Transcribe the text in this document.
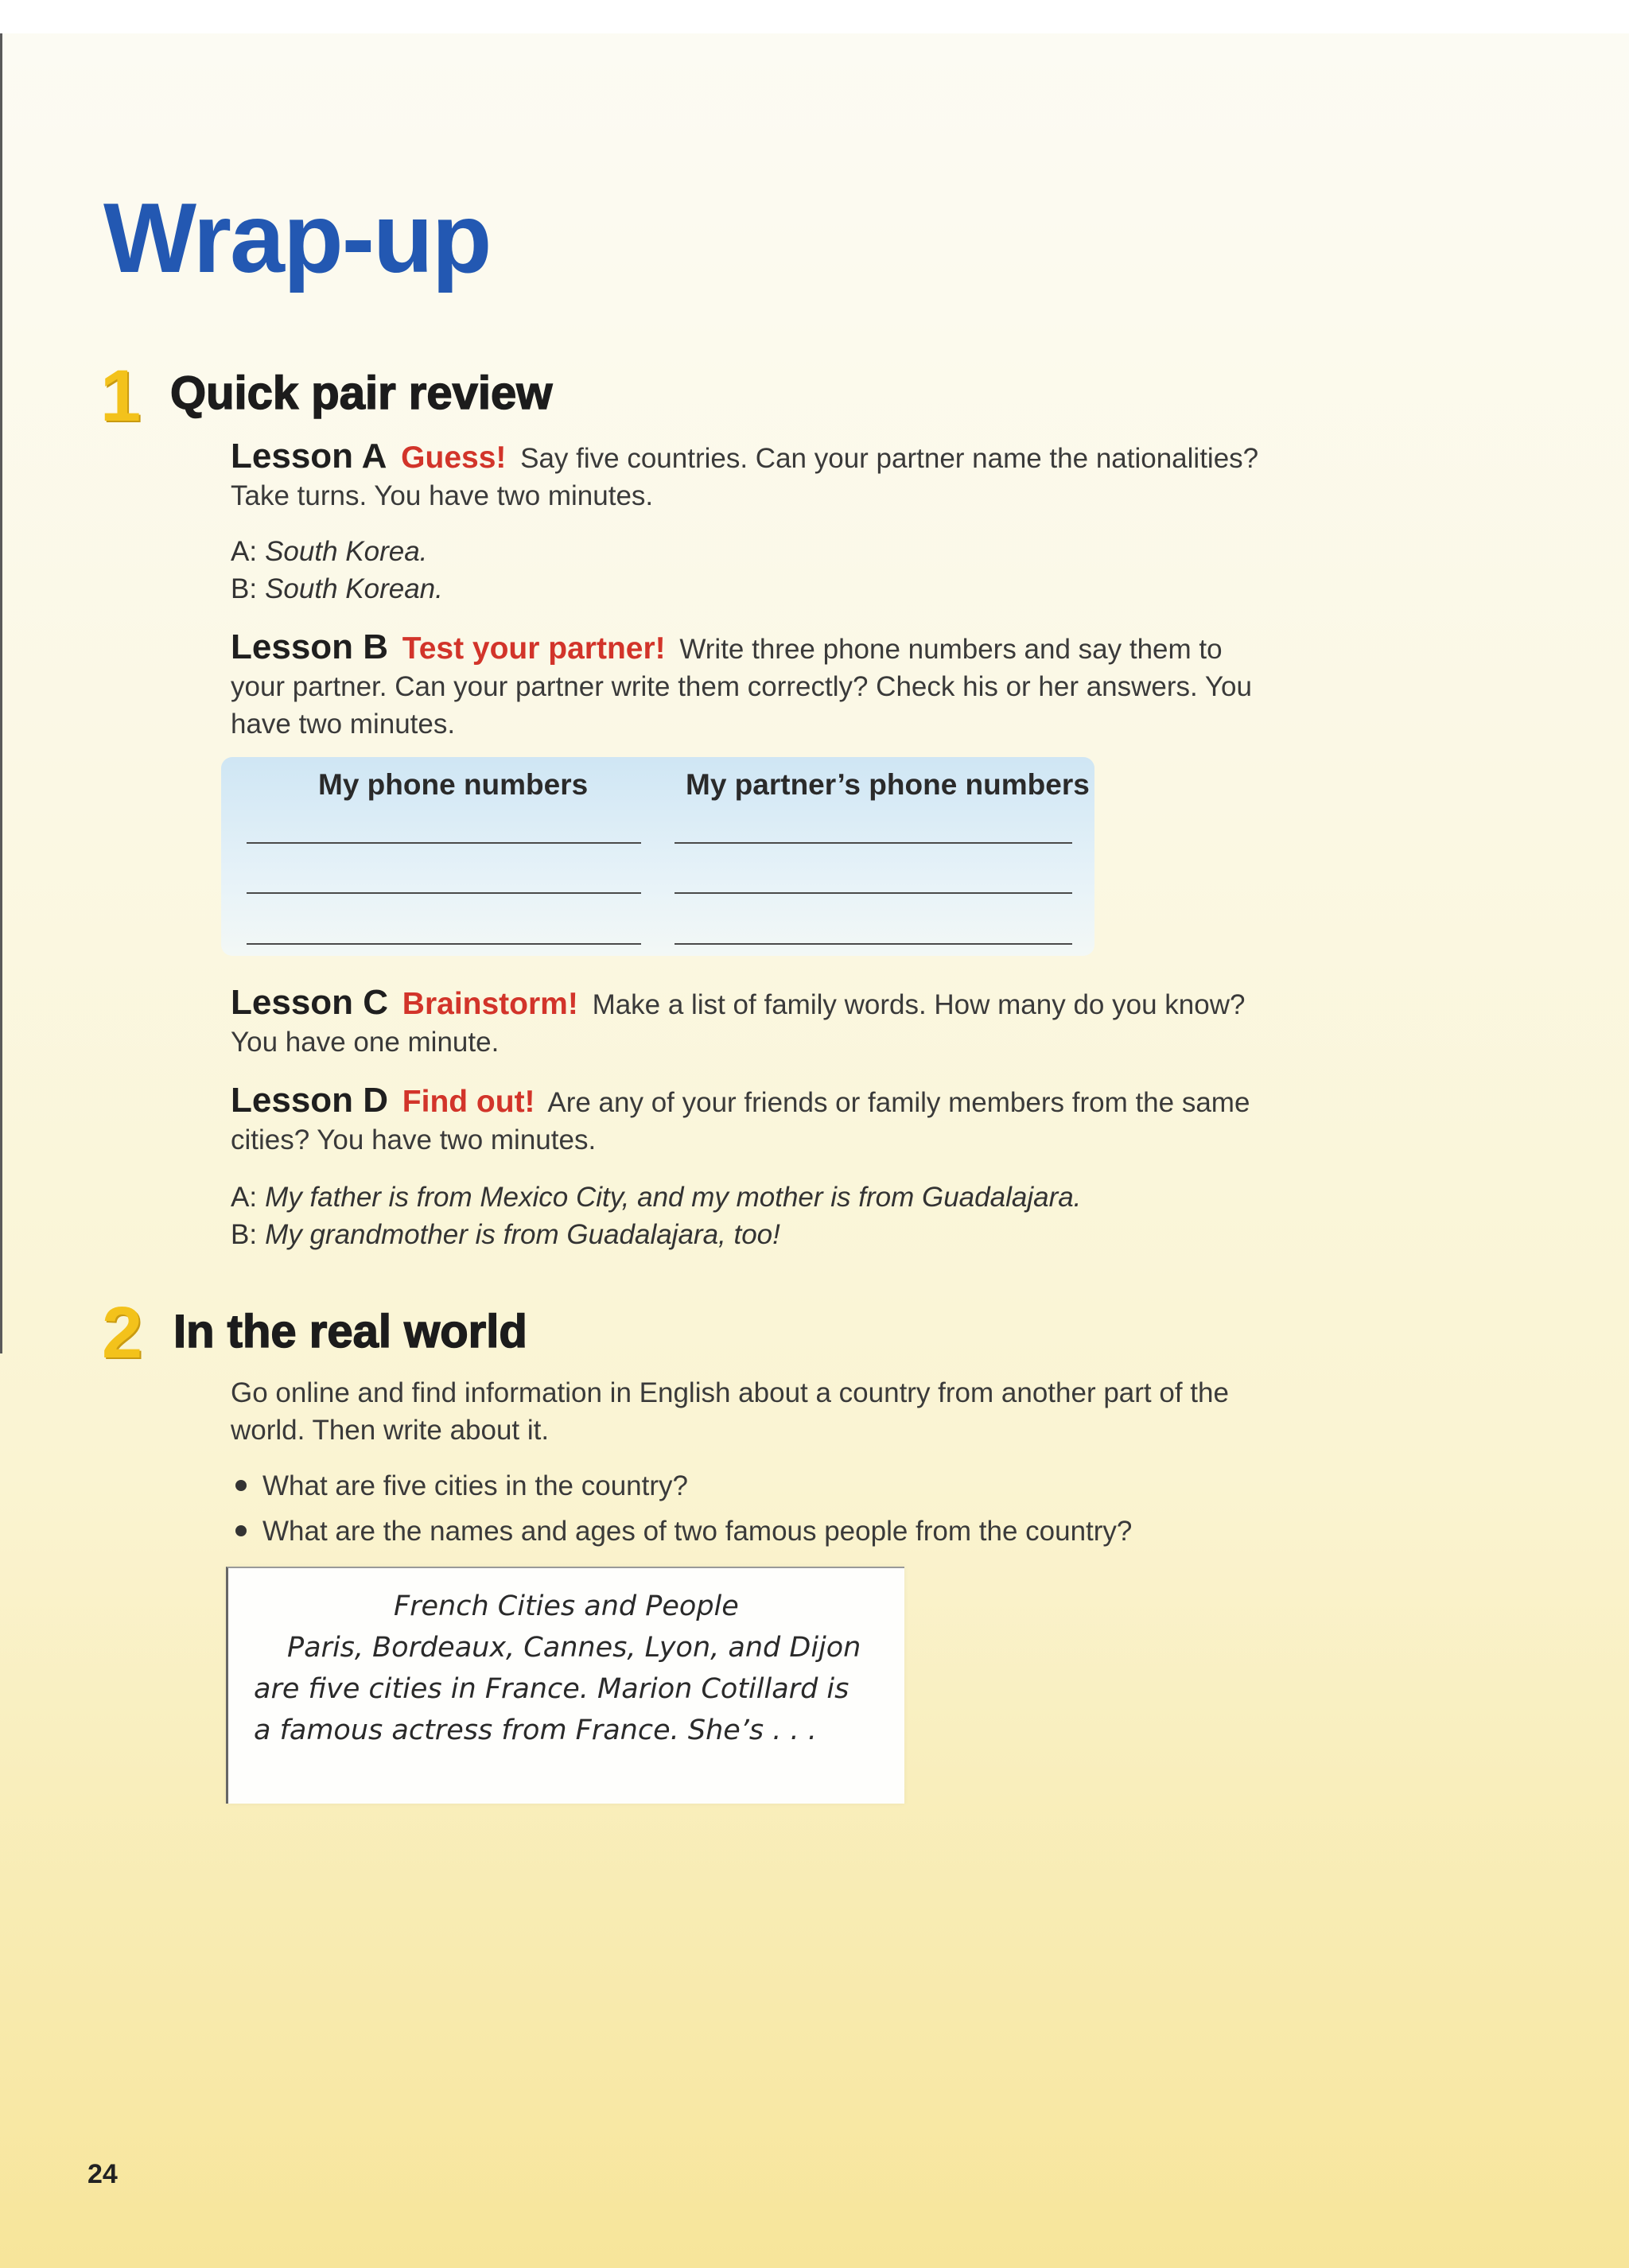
Wrap-up
1 Quick pair review

Lesson A Guess! Say five countries. Can your partner name the nationalities?
Take turns. You have two minutes.

A: South Korea.
B: South Korean.

Lesson B Test your partner! Write three phone numbers and say them to
your partner. Can your partner write them correctly? Check his or her answers. You
have two minutes.

My phone numbers	My partner’s phone numbers

Lesson C Brainstorm! Make a list of family words. How many do you know?
You have one minute.

Lesson D Find out! Are any of your friends or family members from the same
cities? You have two minutes.

A: My father is from Mexico City, and my mother is from Guadalajara.
B: My grandmother is from Guadalajara, too!
2 In the real world

Go online and find information in English about a country from another part of the
world. Then write about it.

What are five cities in the country?
What are the names and ages of two famous people from the country?
French Cities and People
Paris, Bordeaux, Cannes, Lyon, and Dijon
are five cities in France. Marion Cotillard is
a famous actress from France. She’s . . .
24
